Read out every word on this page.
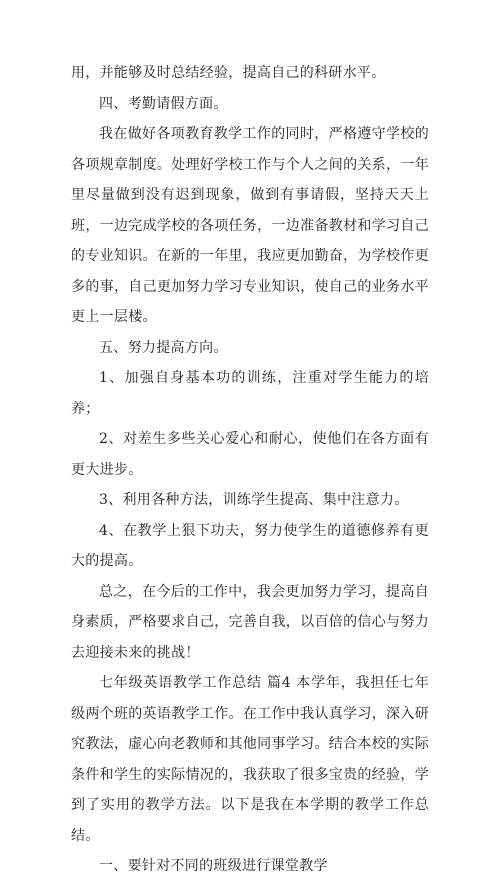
用，并能够及时总结经验，提高自己的科研水平。

四、考勤请假方面。

我在做好各项教育教学工作的同时，严格遵守学校的各项规章制度。处理好学校工作与个人之间的关系，一年里尽量做到没有迟到现象，做到有事请假，坚持天天上班，一边完成学校的各项任务，一边准备教材和学习自己的专业知识。在新的一年里，我应更加勤奋，为学校作更多的事，自己更加努力学习专业知识，使自己的业务水平更上一层楼。

五、努力提高方向。

1、加强自身基本功的训练，注重对学生能力的培养；

2、对差生多些关心爱心和耐心，使他们在各方面有更大进步。

3、利用各种方法，训练学生提高、集中注意力。

4、在教学上狠下功夫，努力使学生的道德修养有更大的提高。

总之，在今后的工作中，我会更加努力学习，提高自身素质，严格要求自己，完善自我，以百倍的信心与努力去迎接未来的挑战！

七年级英语教学工作总结 篇4 本学年，我担任七年级两个班的英语教学工作。在工作中我认真学习，深入研究教法，虚心向老教师和其他同事学习。结合本校的实际条件和学生的实际情况的，我获取了很多宝贵的经验，学到了实用的教学方法。以下是我在本学期的教学工作总结。

一、要针对不同的班级进行课堂教学
